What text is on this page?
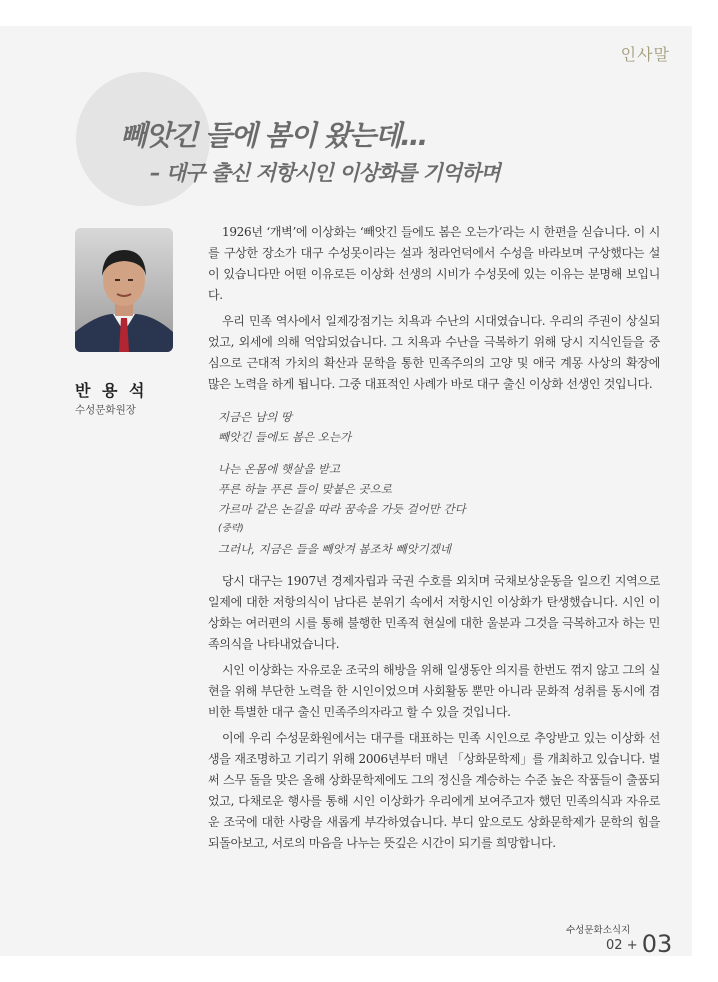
인사말
빼앗긴 들에 봄이 왔는데…
– 대구 출신 저항시인 이상화를 기억하며
반 용 석
수성문화원장

1926년 ‘개벽’에 이상화는 ‘빼앗긴 들에도 봄은 오는가’라는 시 한편을 싣습니다. 이 시를 구상한 장소가 대구 수성못이라는 설과 청라언덕에서 수성을 바라보며 구상했다는 설이 있습니다만 어떤 이유로든 이상화 선생의 시비가 수성못에 있는 이유는 분명해 보입니다.

우리 민족 역사에서 일제강점기는 치욕과 수난의 시대였습니다. 우리의 주권이 상실되었고, 외세에 의해 억압되었습니다. 그 치욕과 수난을 극복하기 위해 당시 지식인들을 중심으로 근대적 가치의 확산과 문학을 통한 민족주의의 고양 및 애국 계몽 사상의 확장에 많은 노력을 하게 됩니다. 그중 대표적인 사례가 바로 대구 출신 이상화 선생인 것입니다.

지금은 남의 땅
빼앗긴 들에도 봄은 오는가
나는 온몸에 햇살을 받고
푸른 하늘 푸른 들이 맞붙은 곳으로
가르마 같은 논길을 따라 꿈속을 가듯 걸어만 간다
(중략)
그러나, 지금은 들을 빼앗겨 봄조차 빼앗기겠네

당시 대구는 1907년 경제자립과 국권 수호를 외치며 국채보상운동을 일으킨 지역으로 일제에 대한 저항의식이 남다른 분위기 속에서 저항시인 이상화가 탄생했습니다. 시인 이상화는 여러편의 시를 통해 불행한 민족적 현실에 대한 울분과 그것을 극복하고자 하는 민족의식을 나타내었습니다.

시인 이상화는 자유로운 조국의 해방을 위해 일생동안 의지를 한번도 꺾지 않고 그의 실현을 위해 부단한 노력을 한 시인이었으며 사회활동 뿐만 아니라 문화적 성취를 동시에 겸비한 특별한 대구 출신 민족주의자라고 할 수 있을 것입니다.

이에 우리 수성문화원에서는 대구를 대표하는 민족 시인으로 추앙받고 있는 이상화 선생을 재조명하고 기리기 위해 2006년부터 매년 「상화문학제」를 개최하고 있습니다. 벌써 스무 돌을 맞은 올해 상화문학제에도 그의 정신을 계승하는 수준 높은 작품들이 출품되었고, 다채로운 행사를 통해 시인 이상화가 우리에게 보여주고자 했던 민족의식과 자유로운 조국에 대한 사랑을 새롭게 부각하였습니다. 부디 앞으로도 상화문학제가 문학의 힘을 되돌아보고, 서로의 마음을 나누는 뜻깊은 시간이 되기를 희망합니다.

수성문화소식지
02 + 03
